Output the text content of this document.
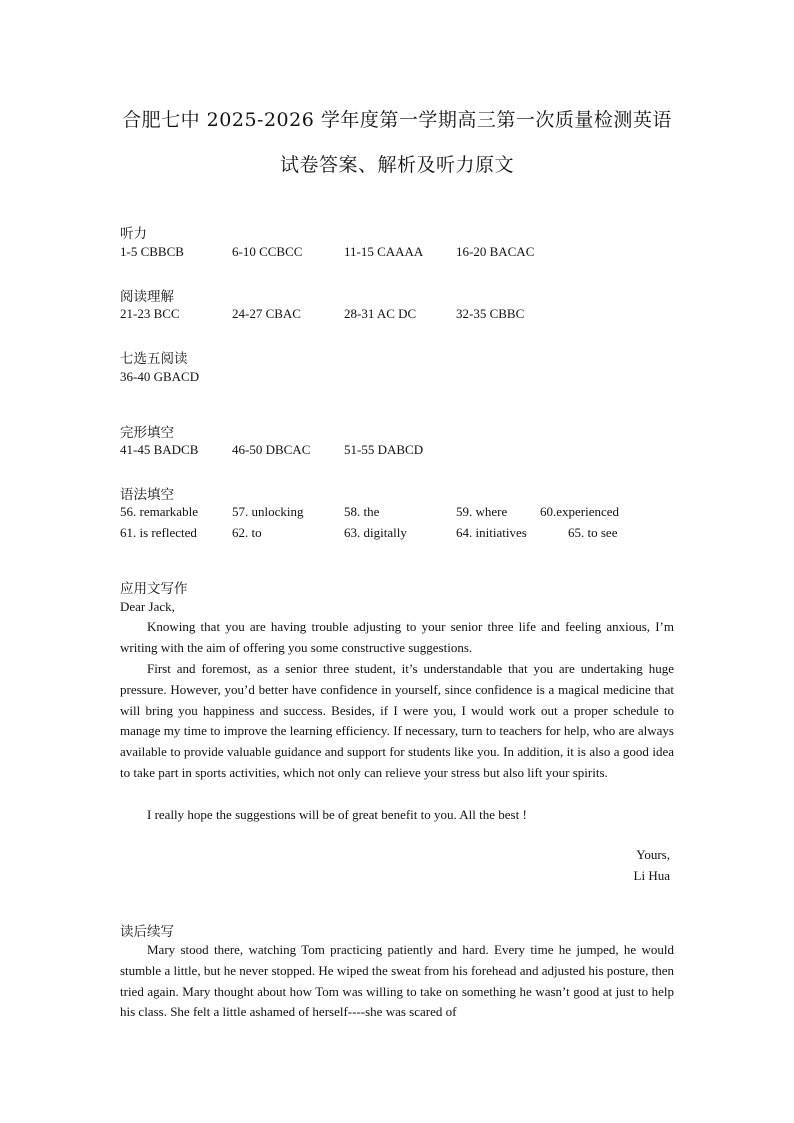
合肥七中 2025-2026 学年度第一学期高三第一次质量检测英语
试卷答案、解析及听力原文
听力
1-5 CBBCB	6-10 CCBCC	11-15 CAAAA	16-20 BACAC
阅读理解
21-23 BCC	24-27 CBAC	28-31 AC DC	32-35 CBBC
七选五阅读
36-40 GBACD
完形填空
41-45 BADCB	46-50 DBCAC	51-55 DABCD
语法填空
56. remarkable	57. unlocking	58. the	59. where	60.experienced
61. is reflected	62. to	63. digitally	64. initiatives	65. to see
应用文写作
Dear Jack,

Knowing that you are having trouble adjusting to your senior three life and feeling anxious, I’m writing with the aim of offering you some constructive suggestions.

First and foremost, as a senior three student, it’s understandable that you are undertaking huge pressure. However, you’d better have confidence in yourself, since confidence is a magical medicine that will bring you happiness and success. Besides, if I were you, I would work out a proper schedule to manage my time to improve the learning efficiency. If necessary, turn to teachers for help, who are always available to provide valuable guidance and support for students like you. In addition, it is also a good idea to take part in sports activities, which not only can relieve your stress but also lift your spirits.

I really hope the suggestions will be of great benefit to you. All the best !

Yours,
Li Hua
读后续写

Mary stood there, watching Tom practicing patiently and hard. Every time he jumped, he would stumble a little, but he never stopped. He wiped the sweat from his forehead and adjusted his posture, then tried again. Mary thought about how Tom was willing to take on something he wasn’t good at just to help his class. She felt a little ashamed of herself----she was scared of
